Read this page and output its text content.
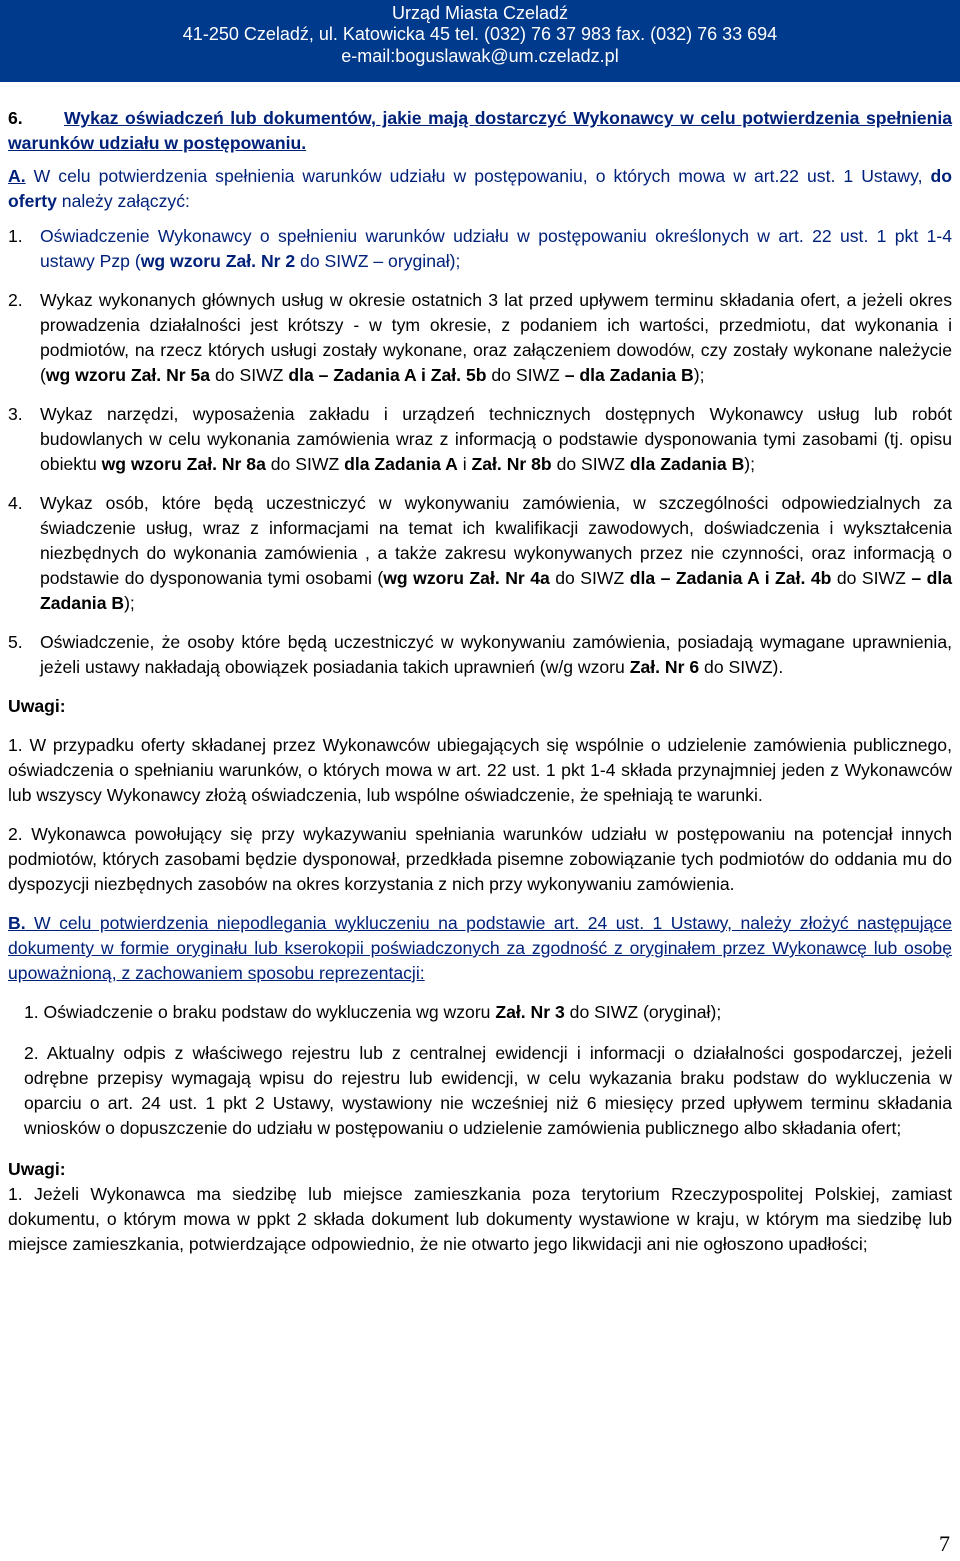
Urząd Miasta Czeladź
41-250 Czeladź, ul. Katowicka 45 tel. (032) 76 37 983 fax. (032) 76 33 694
e-mail:boguslawak@um.czeladz.pl
6. Wykaz oświadczeń lub dokumentów, jakie mają dostarczyć Wykonawcy w celu potwierdzenia spełnienia warunków udziału w postępowaniu.

A. W celu potwierdzenia spełnienia warunków udziału w postępowaniu, o których mowa w art.22 ust. 1 Ustawy, do oferty należy załączyć:

1. Oświadczenie Wykonawcy o spełnieniu warunków udziału w postępowaniu określonych w art. 22 ust. 1 pkt 1-4 ustawy Pzp (wg wzoru Zał. Nr 2 do SIWZ – oryginał);
2. Wykaz wykonanych głównych usług w okresie ostatnich 3 lat przed upływem terminu składania ofert, a jeżeli okres prowadzenia działalności jest krótszy - w tym okresie, z podaniem ich wartości, przedmiotu, dat wykonania i podmiotów, na rzecz których usługi zostały wykonane, oraz załączeniem dowodów, czy zostały wykonane należycie (wg wzoru Zał. Nr 5a do SIWZ dla – Zadania A i Zał. 5b do SIWZ – dla Zadania B);
3. Wykaz narzędzi, wyposażenia zakładu i urządzeń technicznych dostępnych Wykonawcy usług lub robót budowlanych w celu wykonania zamówienia wraz z informacją o podstawie dysponowania tymi zasobami (tj. opisu obiektu wg wzoru Zał. Nr 8a do SIWZ dla Zadania A i Zał. Nr 8b do SIWZ dla Zadania B);
4. Wykaz osób, które będą uczestniczyć w wykonywaniu zamówienia, w szczególności odpowiedzialnych za świadczenie usług, wraz z informacjami na temat ich kwalifikacji zawodowych, doświadczenia i wykształcenia niezbędnych do wykonania zamówienia , a także zakresu wykonywanych przez nie czynności, oraz informacją o podstawie do dysponowania tymi osobami (wg wzoru Zał. Nr 4a do SIWZ dla – Zadania A i Zał. 4b do SIWZ – dla Zadania B);
5. Oświadczenie, że osoby które będą uczestniczyć w wykonywaniu zamówienia, posiadają wymagane uprawnienia, jeżeli ustawy nakładają obowiązek posiadania takich uprawnień (w/g wzoru Zał. Nr 6 do SIWZ).
Uwagi:

1. W przypadku oferty składanej przez Wykonawców ubiegających się wspólnie o udzielenie zamówienia publicznego, oświadczenia o spełnianiu warunków, o których mowa w art. 22 ust. 1 pkt 1-4 składa przynajmniej jeden z Wykonawców lub wszyscy Wykonawcy złożą oświadczenia, lub wspólne oświadczenie, że spełniają te warunki.

2. Wykonawca powołujący się przy wykazywaniu spełniania warunków udziału w postępowaniu na potencjał innych podmiotów, których zasobami będzie dysponował, przedkłada pisemne zobowiązanie tych podmiotów do oddania mu do dyspozycji niezbędnych zasobów na okres korzystania z nich przy wykonywaniu zamówienia.

B. W celu potwierdzenia niepodlegania wykluczeniu na podstawie art. 24 ust. 1 Ustawy, należy złożyć następujące dokumenty w formie oryginału lub kserokopii poświadczonych za zgodność z oryginałem przez Wykonawcę lub osobę upoważnioną, z zachowaniem sposobu reprezentacji:

1. Oświadczenie o braku podstaw do wykluczenia wg wzoru Zał. Nr 3 do SIWZ (oryginał);
2. Aktualny odpis z właściwego rejestru lub z centralnej ewidencji i informacji o działalności gospodarczej, jeżeli odrębne przepisy wymagają wpisu do rejestru lub ewidencji, w celu wykazania braku podstaw do wykluczenia w oparciu o art. 24 ust. 1 pkt 2 Ustawy, wystawiony nie wcześniej niż 6 miesięcy przed upływem terminu składania wniosków o dopuszczenie do udziału w postępowaniu o udzielenie zamówienia publicznego albo składania ofert;
Uwagi:

1. Jeżeli Wykonawca ma siedzibę lub miejsce zamieszkania poza terytorium Rzeczypospolitej Polskiej, zamiast dokumentu, o którym mowa w ppkt 2 składa dokument lub dokumenty wystawione w kraju, w którym ma siedzibę lub miejsce zamieszkania, potwierdzające odpowiednio, że nie otwarto jego likwidacji ani nie ogłoszono upadłości;

7
